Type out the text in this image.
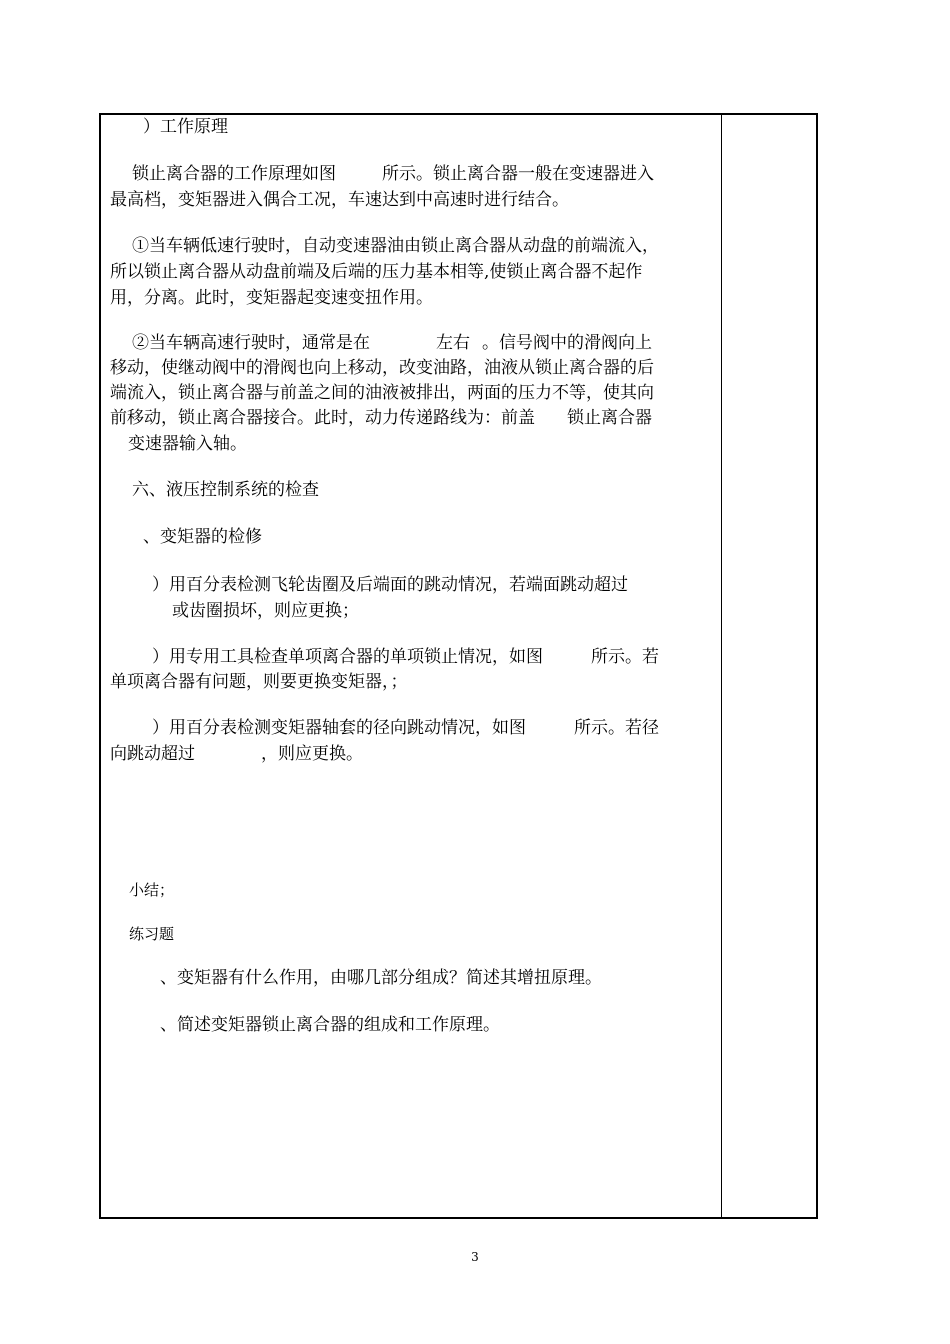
）工作原理
锁止离合器的工作原理如图	所示。锁止离合器一般在变速器进入
最高档，变矩器进入偶合工况，车速达到中高速时进行结合。
①当车辆低速行驶时，自动变速器油由锁止离合器从动盘的前端流入，
所以锁止离合器从动盘前端及后端的压力基本相等,使锁止离合器不起作
用，分离。此时，变矩器起变速变扭作用。
②当车辆高速行驶时，通常是在	左右 。信号阀中的滑阀向上
移动，使继动阀中的滑阀也向上移动，改变油路，油液从锁止离合器的后
端流入，锁止离合器与前盖之间的油液被排出，两面的压力不等，使其向
前移动，锁止离合器接合。此时，动力传递路线为：前盖 锁止离合器
变速器输入轴。
六、液压控制系统的检查
、变矩器的检修
）用百分表检测飞轮齿圈及后端面的跳动情况，若端面跳动超过
或齿圈损坏，则应更换；
）用专用工具检查单项离合器的单项锁止情况，如图	所示。若
单项离合器有问题，则要更换变矩器，；
）用百分表检测变矩器轴套的径向跳动情况，如图	所示。若径
向跳动超过	，则应更换。
小结；
练习题
、变矩器有什么作用，由哪几部分组成？简述其增扭原理。
、简述变矩器锁止离合器的组成和工作原理。
3
